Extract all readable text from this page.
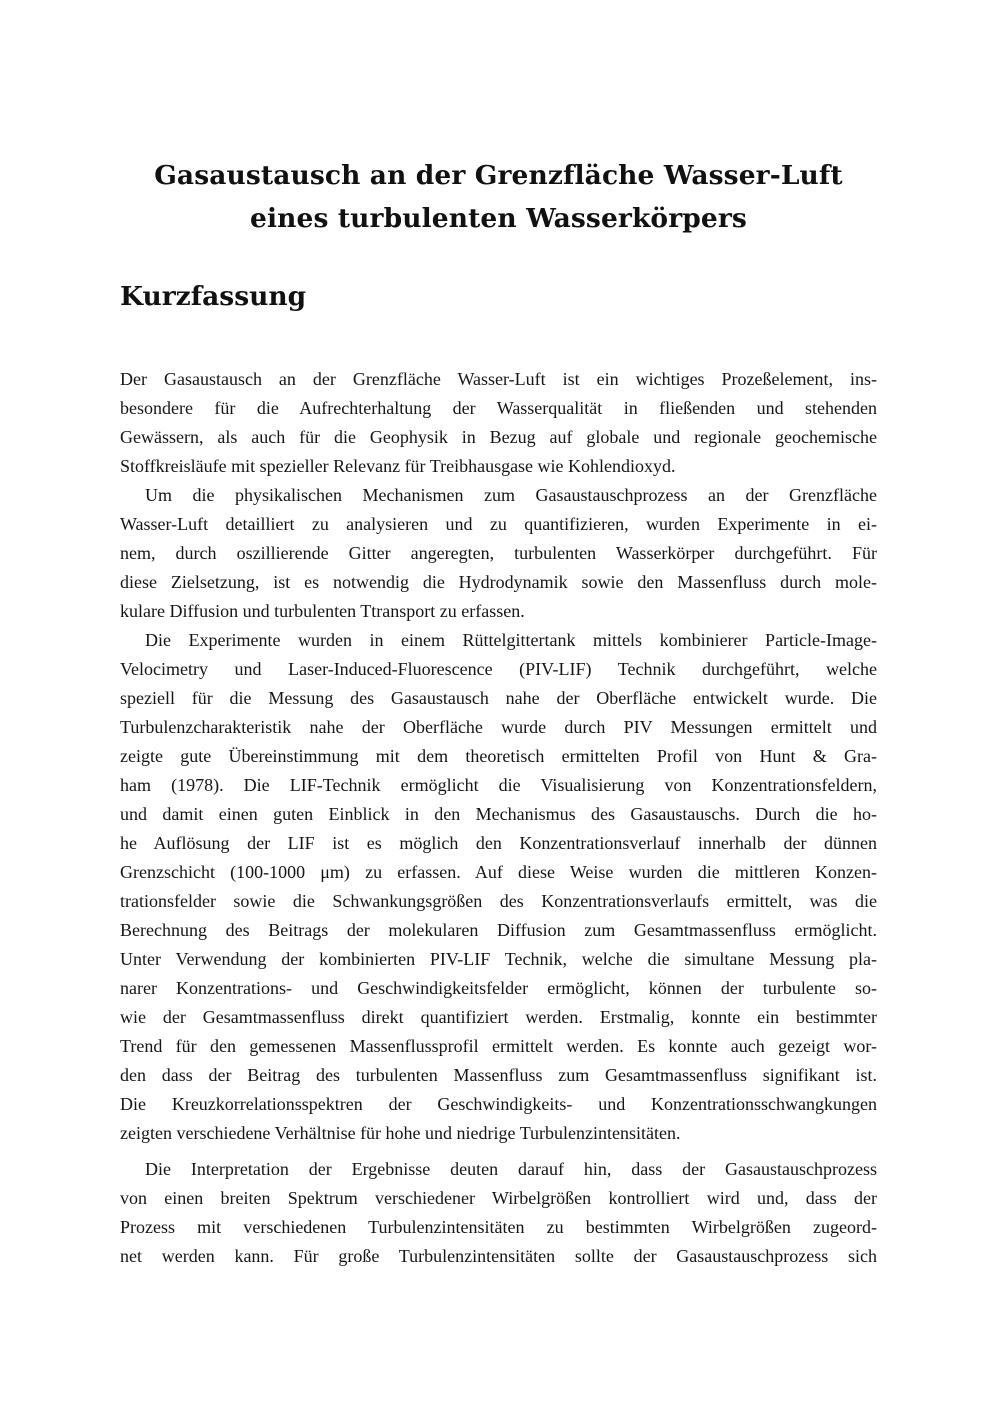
Gasaustausch an der Grenzfläche Wasser-Luft
eines turbulenten Wasserkörpers
Kurzfassung
Der Gasaustausch an der Grenzfläche Wasser-Luft ist ein wichtiges Prozeßelement, ins-
besondere für die Aufrechterhaltung der Wasserqualität in fließenden und stehenden
Gewässern, als auch für die Geophysik in Bezug auf globale und regionale geochemische
Stoffkreisläufe mit spezieller Relevanz für Treibhausgase wie Kohlendioxyd.
Um die physikalischen Mechanismen zum Gasaustauschprozess an der Grenzfläche
Wasser-Luft detailliert zu analysieren und zu quantifizieren, wurden Experimente in ei-
nem, durch oszillierende Gitter angeregten, turbulenten Wasserkörper durchgeführt. Für
diese Zielsetzung, ist es notwendig die Hydrodynamik sowie den Massenfluss durch mole-
kulare Diffusion und turbulenten Ttransport zu erfassen.
Die Experimente wurden in einem Rüttelgittertank mittels kombinierer Particle-Image-
Velocimetry und Laser-Induced-Fluorescence (PIV-LIF) Technik durchgeführt, welche
speziell für die Messung des Gasaustausch nahe der Oberfläche entwickelt wurde. Die
Turbulenzcharakteristik nahe der Oberfläche wurde durch PIV Messungen ermittelt und
zeigte gute Übereinstimmung mit dem theoretisch ermittelten Profil von Hunt & Gra-
ham (1978). Die LIF-Technik ermöglicht die Visualisierung von Konzentrationsfeldern,
und damit einen guten Einblick in den Mechanismus des Gasaustauschs. Durch die ho-
he Auflösung der LIF ist es möglich den Konzentrationsverlauf innerhalb der dünnen
Grenzschicht (100-1000 μm) zu erfassen. Auf diese Weise wurden die mittleren Konzen-
trationsfelder sowie die Schwankungsgrößen des Konzentrationsverlaufs ermittelt, was die
Berechnung des Beitrags der molekularen Diffusion zum Gesamtmassenfluss ermöglicht.
Unter Verwendung der kombinierten PIV-LIF Technik, welche die simultane Messung pla-
narer Konzentrations- und Geschwindigkeitsfelder ermöglicht, können der turbulente so-
wie der Gesamtmassenfluss direkt quantifiziert werden. Erstmalig, konnte ein bestimmter
Trend für den gemessenen Massenflussprofil ermittelt werden. Es konnte auch gezeigt wor-
den dass der Beitrag des turbulenten Massenfluss zum Gesamtmassenfluss signifikant ist.
Die Kreuzkorrelationsspektren der Geschwindigkeits- und Konzentrationsschwangkungen
zeigten verschiedene Verhältnise für hohe und niedrige Turbulenzintensitäten.
Die Interpretation der Ergebnisse deuten darauf hin, dass der Gasaustauschprozess
von einen breiten Spektrum verschiedener Wirbelgrößen kontrolliert wird und, dass der
Prozess mit verschiedenen Turbulenzintensitäten zu bestimmten Wirbelgrößen zugeord-
net werden kann. Für große Turbulenzintensitäten sollte der Gasaustauschprozess sich
